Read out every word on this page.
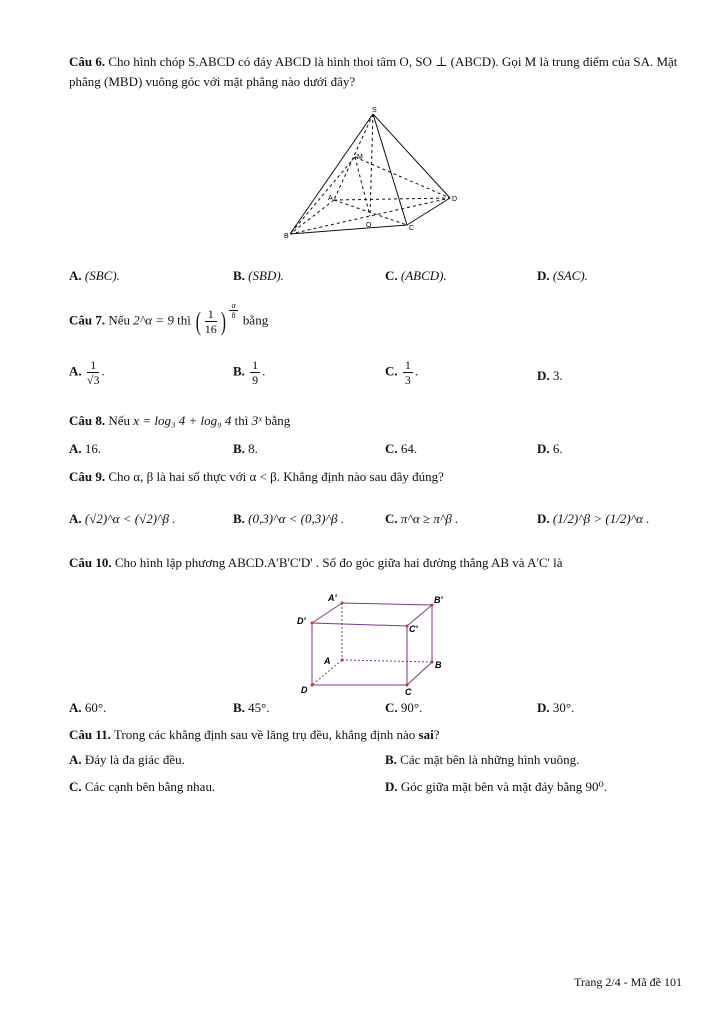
Câu 6. Cho hình chóp S.ABCD có đáy ABCD là hình thoi tâm O, SO ⊥ (ABCD). Gọi M là trung điểm của SA. Mặt phẳng (MBD) vuông góc với mặt phẳng nào dưới đây?
S
M
A	D
O	C
B
A. (SBC).	B. (SBD).	C. (ABCD).	D. (SAC).
Câu 7. Nếu 2^α = 9 thì ( $\frac{1}{16}$ ) $\frac{\alpha}{8}$ bằng
A. $\frac{1}{√3}$ .	B. $\frac{1}{9}$ .	C. $\frac{1}{3}$ .	D. 3.
Câu 8. Nếu x = log₃ 4 + log₉ 4 thì 3ˣ bằng
A. 16.	B. 8.	C. 64.	D. 6.
Câu 9. Cho α, β là hai số thực với α < β. Khẳng định nào sau đây đúng?
A. (√2)^α < (√2)^β .	B. (0,3)^α < (0,3)^β .	C. π^α ≥ π^β .	D. (1/2)^β > (1/2)^α .
Câu 10. Cho hình lập phương ABCD.A'B'C'D' . Số đo góc giữa hai đường thẳng AB và A'C' là
A'	B'
D'
C'
A	B
D	C
A. 60°.	B. 45°.	C. 90°.	D. 30°.
Câu 11. Trong các khẳng định sau về lăng trụ đều, khẳng định nào sai?
A. Đáy là đa giác đều.	B. Các mặt bên là những hình vuông.
C. Các cạnh bên bằng nhau.	D. Góc giữa mặt bên và mặt đáy bằng 90⁰.
Trang 2/4 - Mã đề 101
